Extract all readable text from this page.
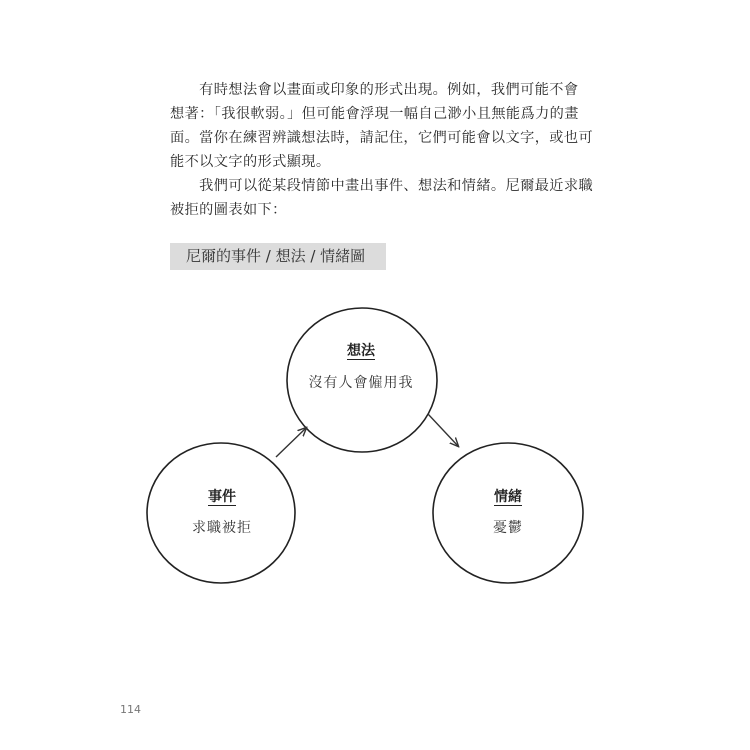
　　有時想法會以畫面或印象的形式出現。例如，我們可能不會
想著：「我很軟弱。」但可能會浮現一幅自己渺小且無能爲力的畫
面。當你在練習辨識想法時，請記住，它們可能會以文字，或也可
能不以文字的形式顯現。
　　我們可以從某段情節中畫出事件、想法和情緒。尼爾最近求職
被拒的圖表如下：
尼爾的事件 / 想法 / 情緒圖
想法
沒有人會僱用我
事件
求職被拒
情緒
憂鬱
114
